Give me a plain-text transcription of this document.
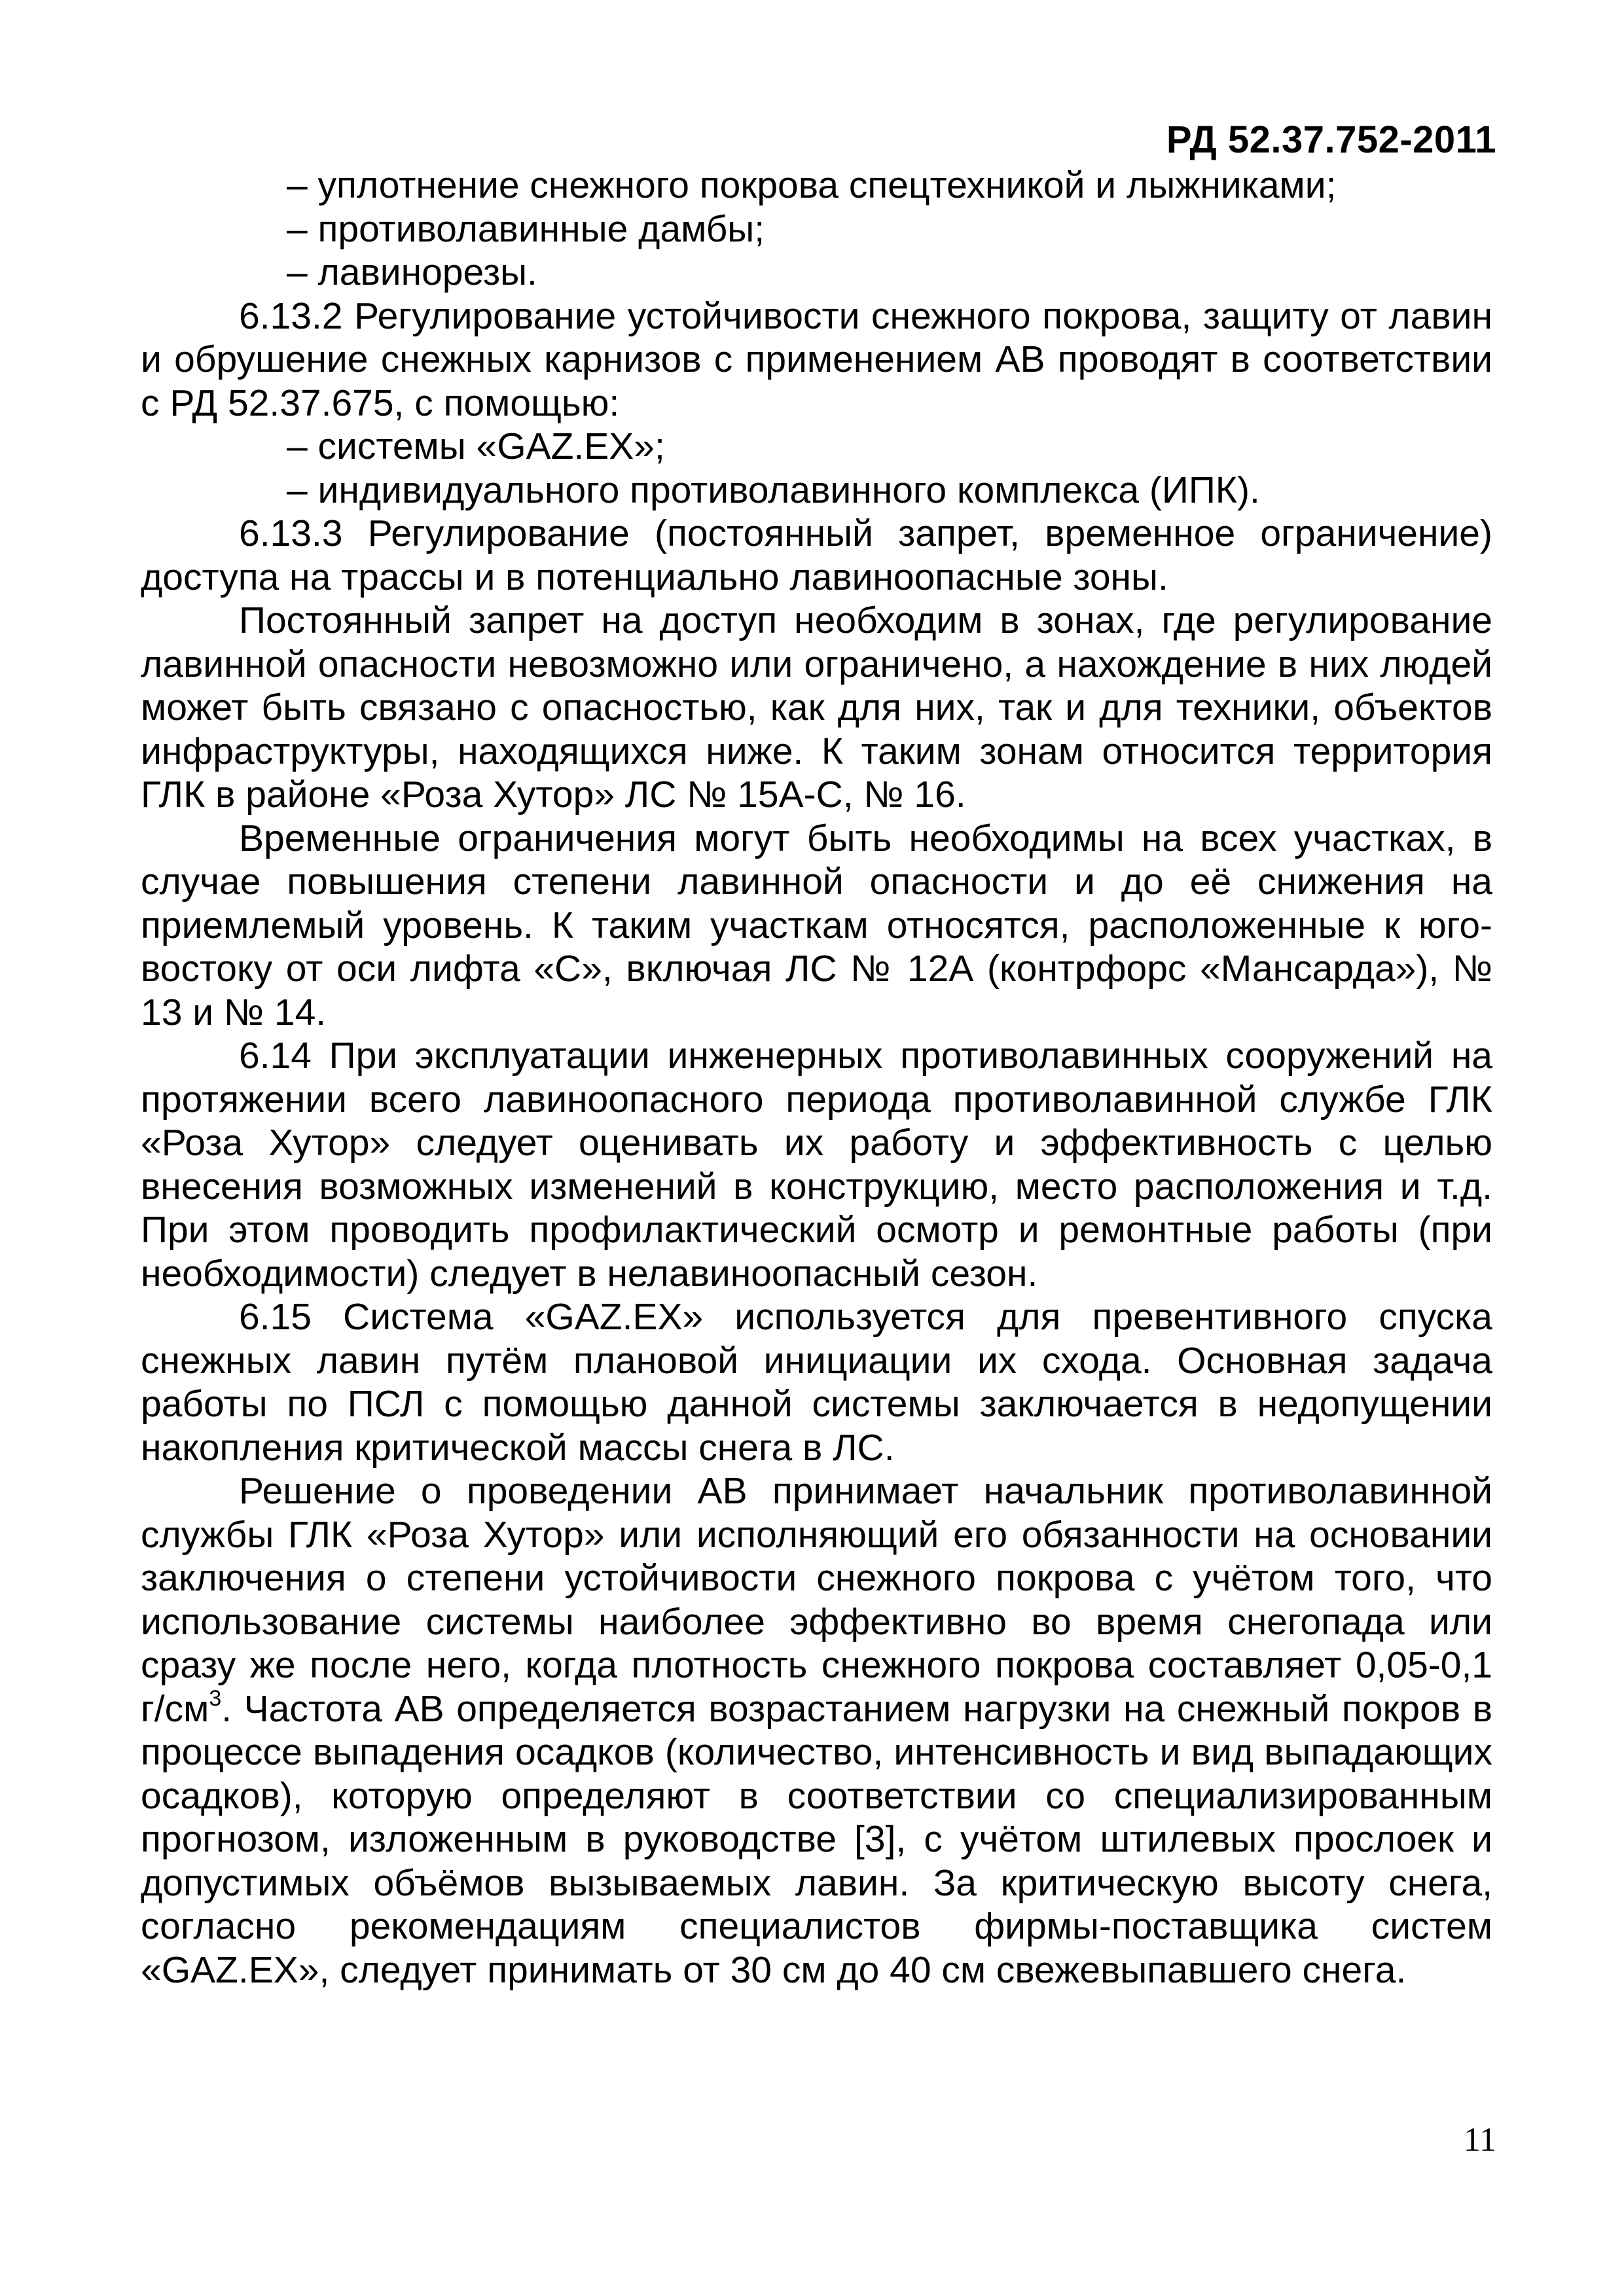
РД 52.37.752-2011

– уплотнение снежного покрова спецтехникой и лыжниками;

– противолавинные дамбы;

– лавинорезы.

6.13.2 Регулирование устойчивости снежного покрова, защиту от лавин и обрушение снежных карнизов с применением АВ проводят в соответствии с РД 52.37.675, с помощью:

– системы «GAZ.EX»;

– индивидуального противолавинного комплекса (ИПК).

6.13.3 Регулирование (постоянный запрет, временное ограничение) доступа на трассы и в потенциально лавиноопасные зоны.

Постоянный запрет на доступ необходим в зонах, где регулирование лавинной опасности невозможно или ограничено, а нахождение в них людей может быть связано с опасностью, как для них, так и для техники, объектов инфраструктуры, находящихся ниже. К таким зонам относится территория ГЛК в районе «Роза Хутор» ЛС № 15А-С, № 16.

Временные ограничения могут быть необходимы на всех участках, в случае повышения степени лавинной опасности и до её снижения на приемлемый уровень. К таким участкам относятся, расположенные к юго-востоку от оси лифта «С», включая ЛС № 12А (контрфорс «Мансарда»), № 13 и № 14.

6.14 При эксплуатации инженерных противолавинных сооружений на протяжении всего лавиноопасного периода противолавинной службе ГЛК «Роза Хутор» следует оценивать их работу и эффективность с целью внесения возможных изменений в конструкцию, место расположения и т.д. При этом проводить профилактический осмотр и ремонтные работы (при необходимости) следует в нелавиноопасный сезон.

6.15 Система «GAZ.EX» используется для превентивного спуска снежных лавин путём плановой инициации их схода. Основная задача работы по ПСЛ с помощью данной системы заключается в недопущении накопления критической массы снега в ЛС.

Решение о проведении АВ принимает начальник противолавинной службы ГЛК «Роза Хутор» или исполняющий его обязанности на основании заключения о степени устойчивости снежного покрова с учётом того, что использование системы наиболее эффективно во время снегопада или сразу же после него, когда плотность снежного покрова составляет 0,05-0,1 $г/см^3$. Частота АВ определяется возрастанием нагрузки на снежный покров в процессе выпадения осадков (количество, интенсивность и вид выпадающих осадков), которую определяют в соответствии со специализированным прогнозом, изложенным в руководстве [3], с учётом штилевых прослоек и допустимых объёмов вызываемых лавин. За критическую высоту снега, согласно рекомендациям специалистов фирмы-поставщика систем «GAZ.EX», следует принимать от 30 см до 40 см свежевыпавшего снега.

11
